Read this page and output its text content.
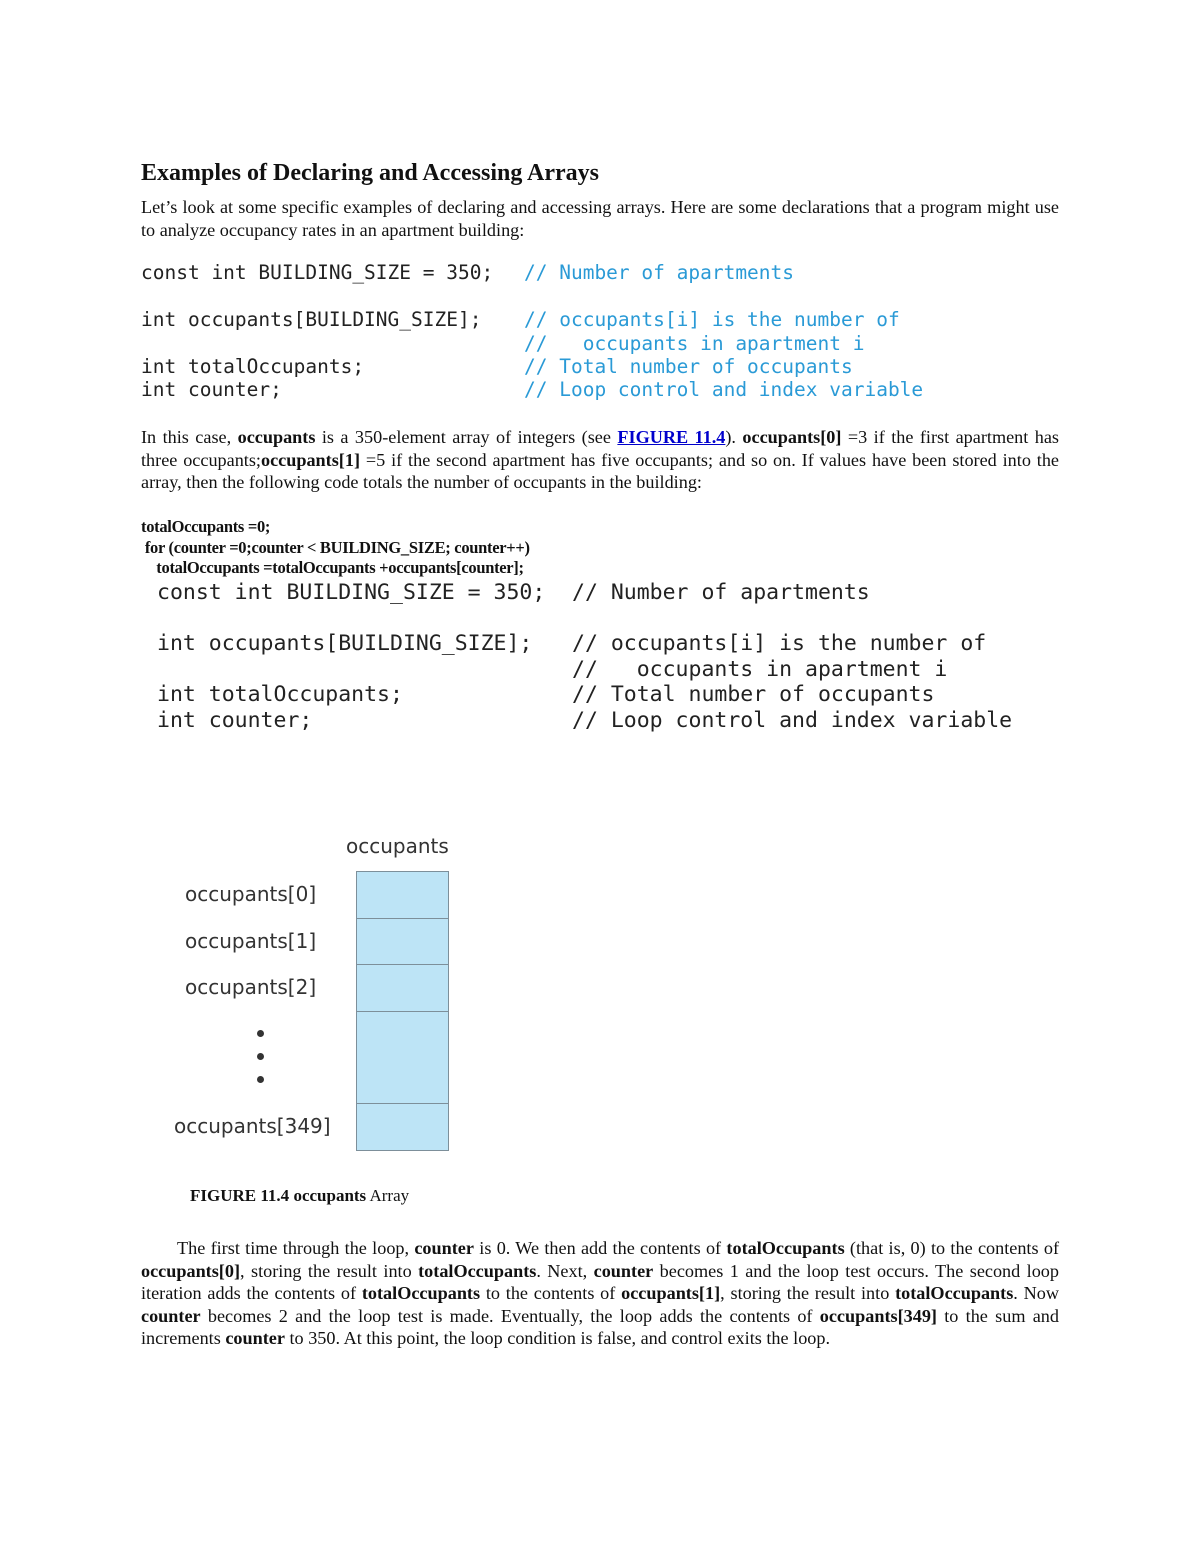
Examples of Declaring and Accessing Arrays
Let’s look at some specific examples of declaring and accessing arrays. Here are some declarations that a program might use to analyze occupancy rates in an apartment building:
const int BUILDING_SIZE = 350; // Number of apartments
int occupants[BUILDING_SIZE]; // occupants[i] is the number of
//   occupants in apartment i
int totalOccupants;	// Total number of occupants
int counter;	// Loop control and index variable
In this case, occupants is a 350-element array of integers (see FIGURE 11.4). occupants[0] =3 if the first apartment has three occupants;occupants[1] =5 if the second apartment has five occupants; and so on. If values have been stored into the array, then the following code totals the number of occupants in the building:
totalOccupants =0;
for (counter =0;counter < BUILDING_SIZE; counter++)
totalOccupants =totalOccupants +occupants[counter];
const int BUILDING_SIZE = 350; // Number of apartments
int occupants[BUILDING_SIZE]; // occupants[i] is the number of
//   occupants in apartment i
int totalOccupants;	// Total number of occupants
int counter;	// Loop control and index variable
occupants
occupants[0]
occupants[1]
occupants[2]
occupants[349]
FIGURE 11.4 occupants Array
The first time through the loop, counter is 0. We then add the contents of totalOccupants (that is, 0) to the contents of occupants[0], storing the result into totalOccupants. Next, counter becomes 1 and the loop test occurs. The second loop iteration adds the contents of totalOccupants to the contents of occupants[1], storing the result into totalOccupants. Now counter becomes 2 and the loop test is made. Eventually, the loop adds the contents of occupants[349] to the sum and increments counter to 350. At this point, the loop condition is false, and control exits the loop.
